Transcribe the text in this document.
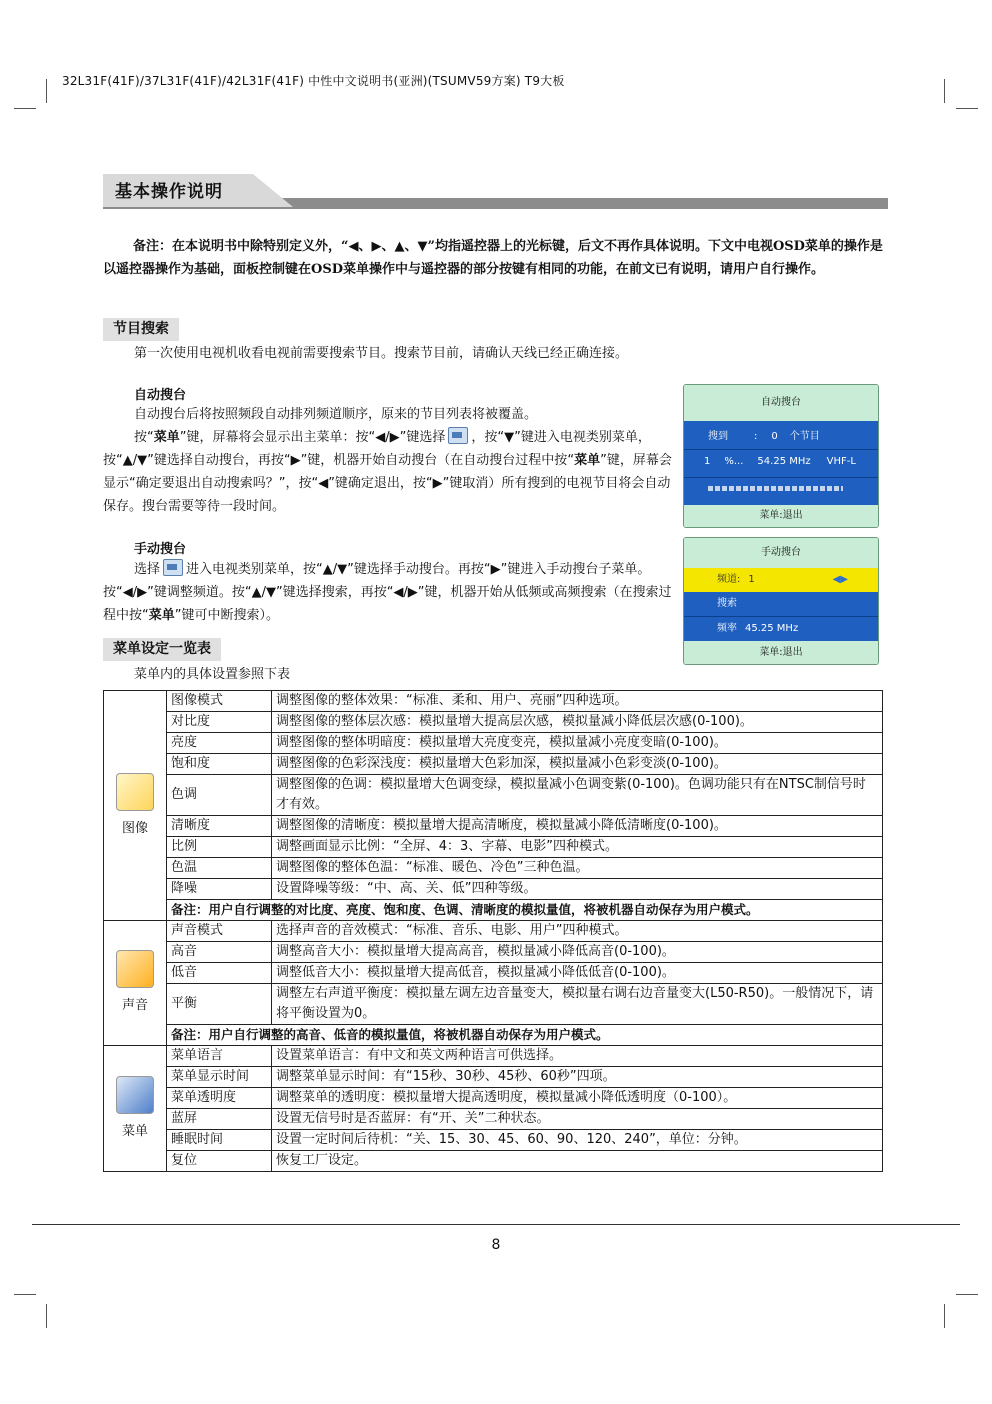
32L31F(41F)/37L31F(41F)/42L31F(41F) 中性中文说明书(亚洲)(TSUMV59方案) T9大板
基本操作说明
备注：在本说明书中除特别定义外，“◀、▶、▲、▼”均指遥控器上的光标键，后文不再作具体说明。下文中电视OSD菜单的操作是以遥控器操作为基础，面板控制键在OSD菜单操作中与遥控器的部分按键有相同的功能，在前文已有说明，请用户自行操作。
节目搜索
第一次使用电视机收看电视前需要搜索节目。搜索节目前，请确认天线已经正确连接。
自动搜台
自动搜台后将按照频段自动排列频道顺序，原来的节目列表将被覆盖。
按“菜单”键，屏幕将会显示出主菜单：按“◀/▶”键选择 ，按“▼”键进入电视类别菜单，按“▲/▼”键选择自动搜台，再按“▶”键，机器开始自动搜台（在自动搜台过程中按“菜单”键，屏幕会显示“确定要退出自动搜索吗？”，按“◀”键确定退出，按“▶”键取消）所有搜到的电视节目将会自动保存。搜台需要等待一段时间。
自动搜台
搜到	: 0 个节目
1 %... 54.25 MHz VHF-L
菜单:退出
手动搜台
选择 进入电视类别菜单，按“▲/▼”键选择手动搜台。再按“▶”键进入手动搜台子菜单。按“◀/▶”键调整频道。按“▲/▼”键选择搜索，再按“◀/▶”键，机器开始从低频或高频搜索（在搜索过程中按“菜单”键可中断搜索）。
手动搜台
频道: 1	◀▶
搜索
频率 45.25 MHz
菜单:退出
菜单设定一览表
菜单内的具体设置参照下表
图像	图像模式	调整图像的整体效果：“标准、柔和、用户、亮丽”四种选项。
	对比度	调整图像的整体层次感：模拟量增大提高层次感，模拟量减小降低层次感(0-100)。
	亮度	调整图像的整体明暗度：模拟量增大亮度变亮，模拟量减小亮度变暗(0-100)。
	饱和度	调整图像的色彩深浅度：模拟量增大色彩加深，模拟量减小色彩变淡(0-100)。
	色调	调整图像的色调：模拟量增大色调变绿，模拟量减小色调变紫(0-100)。色调功能只有在NTSC制信号时才有效。
	清晰度	调整图像的清晰度：模拟量增大提高清晰度，模拟量减小降低清晰度(0-100)。
	比例	调整画面显示比例：“全屏、4：3、字幕、电影”四种模式。
	色温	调整图像的整体色温：“标准、暖色、冷色”三种色温。
	降噪	设置降噪等级：“中、高、关、低”四种等级。
	备注：用户自行调整的对比度、亮度、饱和度、色调、清晰度的模拟量值，将被机器自动保存为用户模式。	

声音	声音模式	选择声音的音效模式：“标准、音乐、电影、用户”四种模式。
	高音	调整高音大小：模拟量增大提高高音，模拟量减小降低高音(0-100)。
	低音	调整低音大小：模拟量增大提高低音，模拟量减小降低低音(0-100)。
	平衡	调整左右声道平衡度：模拟量左调左边音量变大，模拟量右调右边音量变大(L50-R50)。一般情况下，请将平衡设置为0。
	备注：用户自行调整的高音、低音的模拟量值，将被机器自动保存为用户模式。	

菜单	菜单语言	设置菜单语言：有中文和英文两种语言可供选择。
	菜单显示时间	调整菜单显示时间：有“15秒、30秒、45秒、60秒”四项。
	菜单透明度	调整菜单的透明度：模拟量增大提高透明度，模拟量减小降低透明度（0-100）。
	蓝屏	设置无信号时是否蓝屏：有“开、关”二种状态。
	睡眠时间	设置一定时间后待机：“关、15、30、45、60、90、120、240”，单位：分钟。
	复位	恢复工厂设定。
8
